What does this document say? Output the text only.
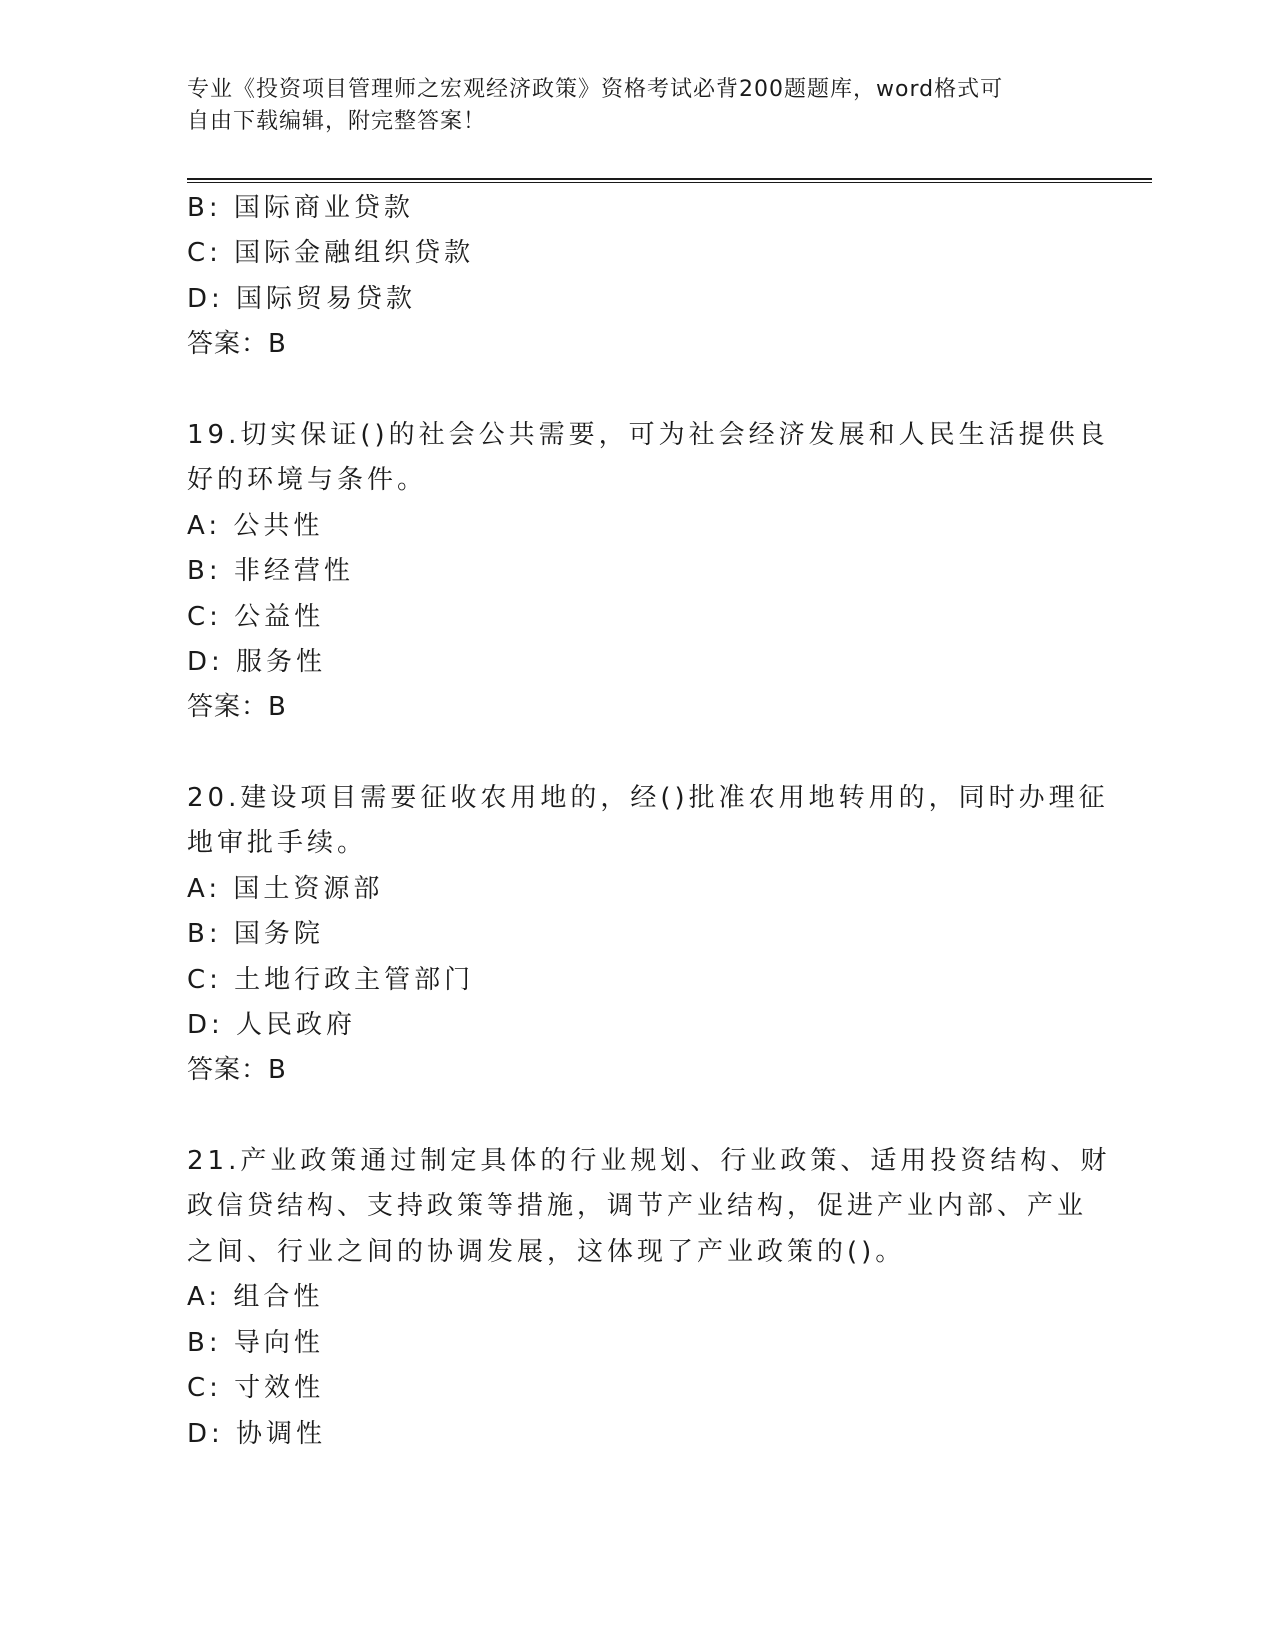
专业《投资项目管理师之宏观经济政策》资格考试必背200题题库，word格式可
自由下载编辑，附完整答案！
B: 国际商业贷款
C: 国际金融组织贷款
D: 国际贸易贷款
答案：B
19.切实保证()的社会公共需要，可为社会经济发展和人民生活提供良
好的环境与条件。
A: 公共性
B: 非经营性
C: 公益性
D: 服务性
答案：B
20.建设项目需要征收农用地的，经()批准农用地转用的，同时办理征
地审批手续。
A: 国土资源部
B: 国务院
C: 土地行政主管部门
D: 人民政府
答案：B
21.产业政策通过制定具体的行业规划、行业政策、适用投资结构、财
政信贷结构、支持政策等措施，调节产业结构，促进产业内部、产业
之间、行业之间的协调发展，这体现了产业政策的()。
A: 组合性
B: 导向性
C: 寸效性
D: 协调性
